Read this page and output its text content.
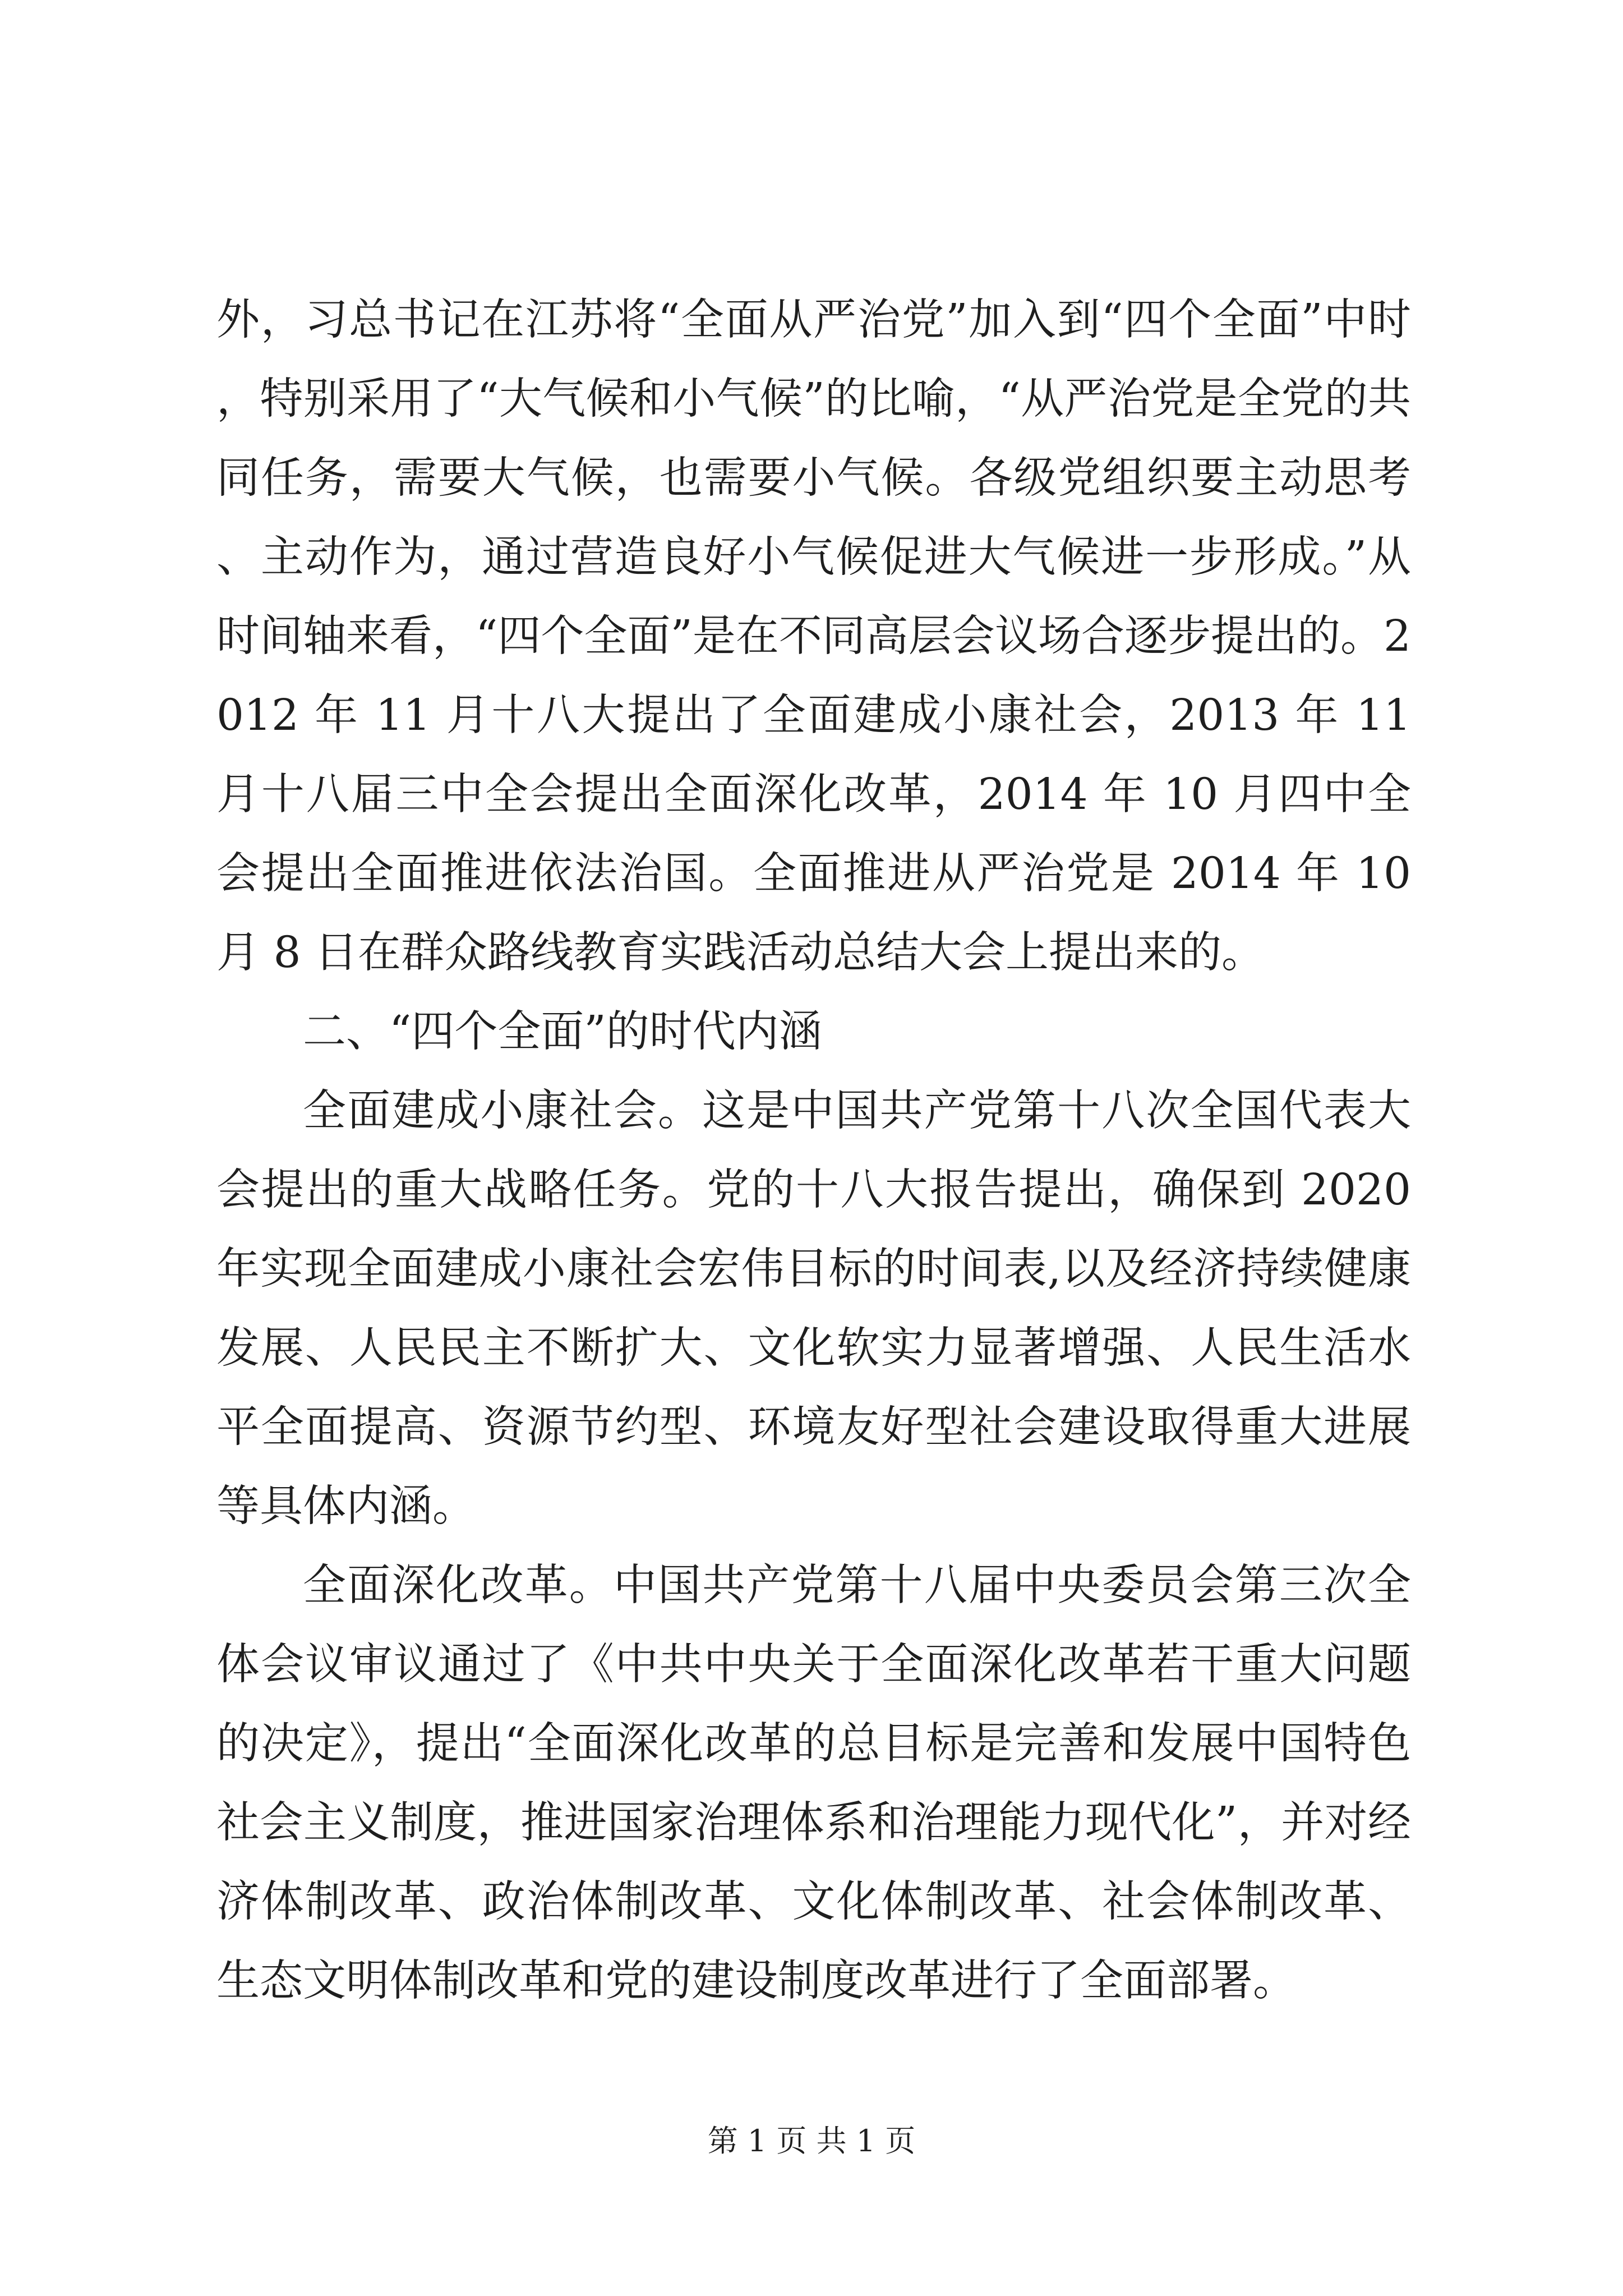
外，习总书记在江苏将“全面从严治党”加入到“四个全面”中时，特别采用了“大气候和小气候”的比喻，“从严治党是全党的共同任务，需要大气候，也需要小气候。各级党组织要主动思考、主动作为，通过营造良好小气候促进大气候进一步形成。”从时间轴来看，“四个全面”是在不同高层会议场合逐步提出的。2012 年 11 月十八大提出了全面建成小康社会，2013 年 11 月十八届三中全会提出全面深化改革，2014 年 10 月四中全会提出全面推进依法治国。全面推进从严治党是 2014 年 10 月 8 日在群众路线教育实践活动总结大会上提出来的。

二、“四个全面”的时代内涵

全面建成小康社会。这是中国共产党第十八次全国代表大会提出的重大战略任务。党的十八大报告提出，确保到 2020 年实现全面建成小康社会宏伟目标的时间表,以及经济持续健康发展、人民民主不断扩大、文化软实力显著增强、人民生活水平全面提高、资源节约型、环境友好型社会建设取得重大进展等具体内涵。

全面深化改革。中国共产党第十八届中央委员会第三次全体会议审议通过了《中共中央关于全面深化改革若干重大问题的决定》，提出“全面深化改革的总目标是完善和发展中国特色社会主义制度，推进国家治理体系和治理能力现代化”，并对经济体制改革、政治体制改革、文化体制改革、社会体制改革、生态文明体制改革和党的建设制度改革进行了全面部署。

第 1 页 共 1 页
